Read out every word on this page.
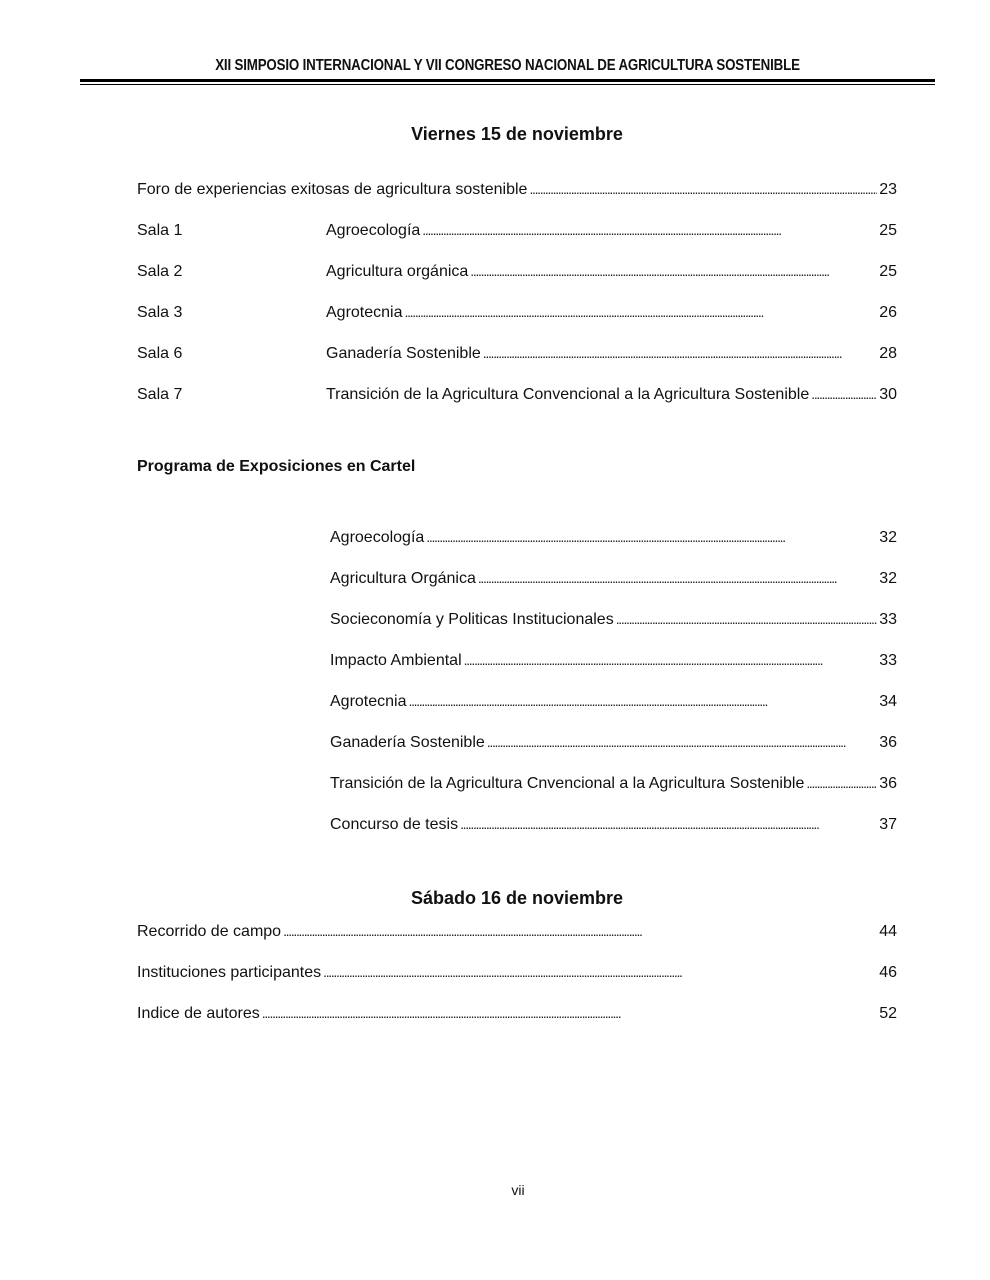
XII SIMPOSIO INTERNACIONAL Y VII CONGRESO NACIONAL DE AGRICULTURA SOSTENIBLE
Viernes 15 de noviembre
Foro de experiencias exitosas de agricultura sostenible . . .	23
Sala 1	Agroecología . . .	25
Sala 2	Agricultura orgánica . . .	25
Sala 3	Agrotecnia . . .	26
Sala 6	Ganadería Sostenible . . .	28
Sala 7	Transición de la Agricultura Convencional a la Agricultura Sostenible . . .	30
Programa de Exposiciones en Cartel
Agroecología . . .	32
Agricultura Orgánica . . .	32
Socieconomía y Politicas Institucionales . . .	33
Impacto Ambiental . . .	33
Agrotecnia . . .	34
Ganadería Sostenible . . .	36
Transición de la Agricultura Cnvencional a la Agricultura Sostenible . . .	36
Concurso de tesis . . .	37
Sábado 16 de noviembre
Recorrido de campo . . .	44
Instituciones participantes . . .	46
Indice de autores . . .	52
vii
